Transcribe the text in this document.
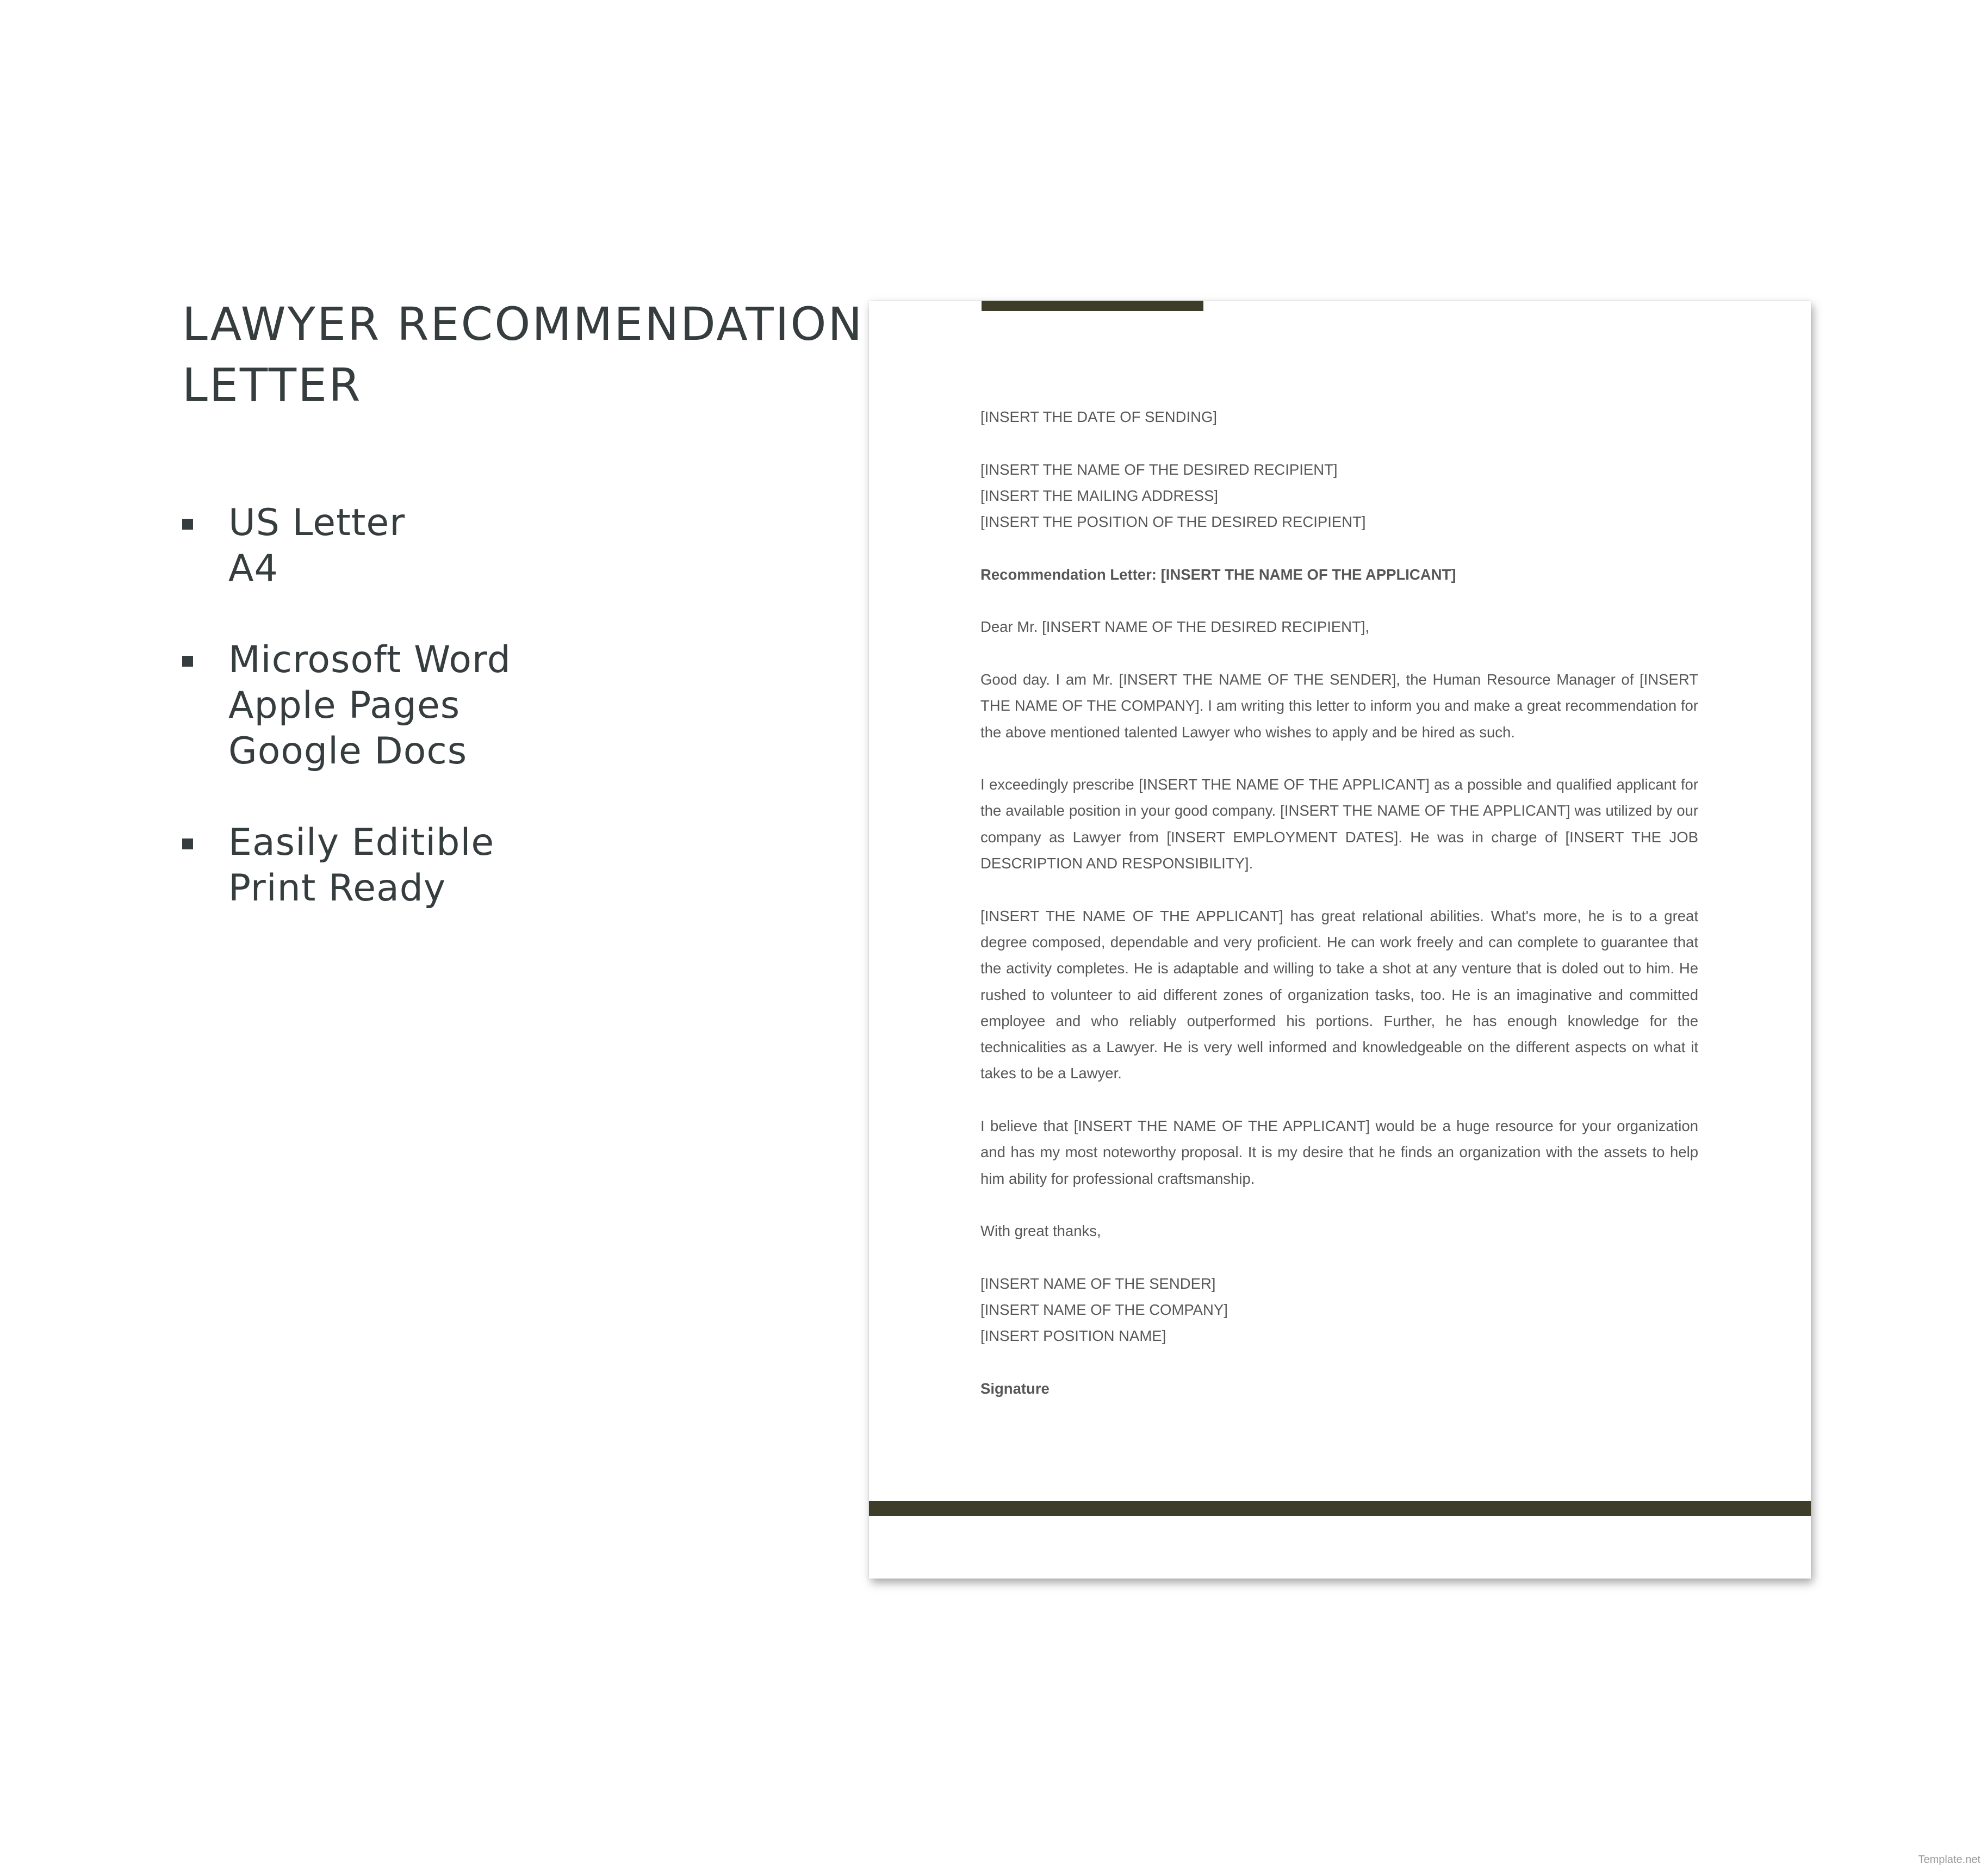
LAWYER RECOMMENDATION LETTER
US Letter
A4
Microsoft Word
Apple Pages
Google Docs
Easily Editible
Print Ready

[INSERT THE DATE OF SENDING]

[INSERT THE NAME OF THE DESIRED RECIPIENT]
[INSERT THE MAILING ADDRESS]
[INSERT THE POSITION OF THE DESIRED RECIPIENT]

Recommendation Letter: [INSERT THE NAME OF THE APPLICANT]

Dear Mr. [INSERT NAME OF THE DESIRED RECIPIENT],

Good day. I am Mr. [INSERT THE NAME OF THE SENDER], the Human Resource Manager of [INSERT THE NAME OF THE COMPANY]. I am writing this letter to inform you and make a great recommendation for the above mentioned talented Lawyer who wishes to apply and be hired as such.

I exceedingly prescribe [INSERT THE NAME OF THE APPLICANT] as a possible and qualified applicant for the available position in your good company. [INSERT THE NAME OF THE APPLICANT] was utilized by our company as Lawyer from [INSERT EMPLOYMENT DATES]. He was in charge of [INSERT THE JOB DESCRIPTION AND RESPONSIBILITY].

[INSERT THE NAME OF THE APPLICANT] has great relational abilities. What's more, he is to a great degree composed, dependable and very proficient. He can work freely and can complete to guarantee that the activity completes. He is adaptable and willing to take a shot at any venture that is doled out to him. He rushed to volunteer to aid different zones of organization tasks, too. He is an imaginative and committed employee and who reliably outperformed his portions. Further, he has enough knowledge for the technicalities as a Lawyer. He is very well informed and knowledgeable on the different aspects on what it takes to be a Lawyer.

I believe that [INSERT THE NAME OF THE APPLICANT] would be a huge resource for your organization and has my most noteworthy proposal. It is my desire that he finds an organization with the assets to help him ability for professional craftsmanship.

With great thanks,

[INSERT NAME OF THE SENDER]
[INSERT NAME OF THE COMPANY]
[INSERT POSITION NAME]

Signature

Template.net
